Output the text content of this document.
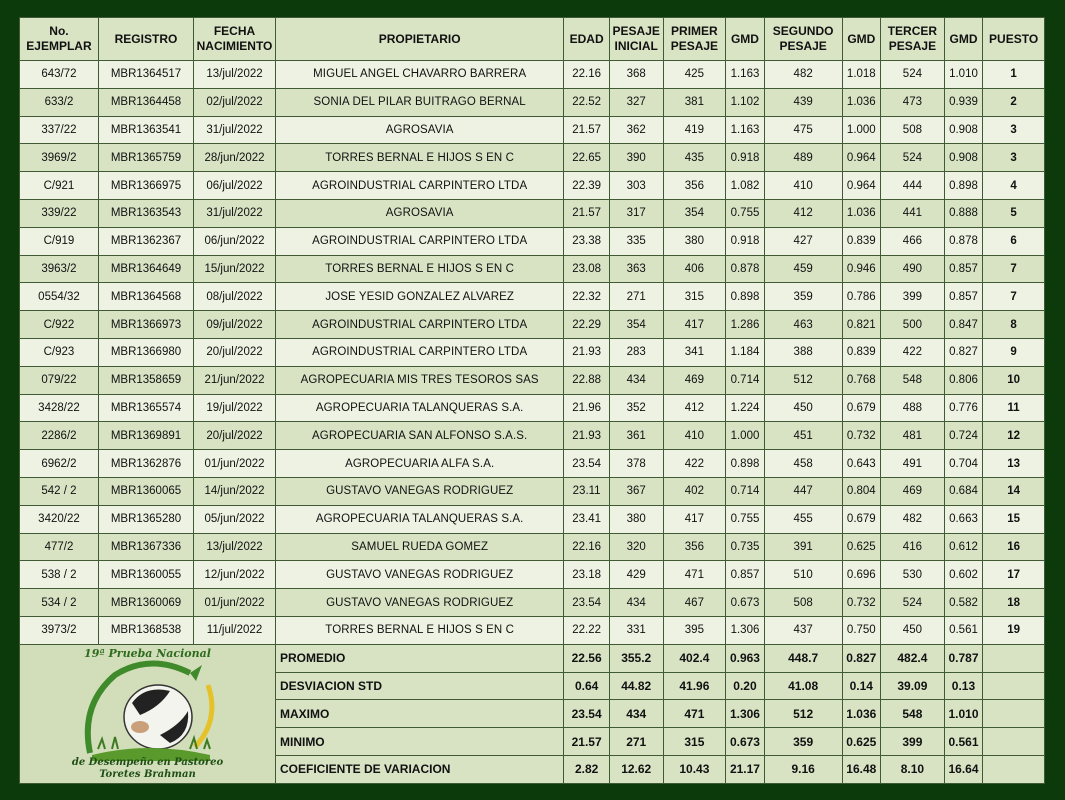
No. EJEMPLAR	REGISTRO	FECHA NACIMIENTO	PROPIETARIO	EDAD	PESAJE INICIAL	PRIMER PESAJE	GMD	SEGUNDO PESAJE	GMD	TERCER PESAJE	GMD	PUESTO
643/72	MBR1364517	13/jul/2022	MIGUEL ANGEL CHAVARRO BARRERA	22.16	368	425	1.163	482	1.018	524	1.010	1
633/2	MBR1364458	02/jul/2022	SONIA DEL PILAR BUITRAGO BERNAL	22.52	327	381	1.102	439	1.036	473	0.939	2
337/22	MBR1363541	31/jul/2022	AGROSAVIA	21.57	362	419	1.163	475	1.000	508	0.908	3
3969/2	MBR1365759	28/jun/2022	TORRES BERNAL E HIJOS S EN C	22.65	390	435	0.918	489	0.964	524	0.908	3
C/921	MBR1366975	06/jul/2022	AGROINDUSTRIAL CARPINTERO LTDA	22.39	303	356	1.082	410	0.964	444	0.898	4
339/22	MBR1363543	31/jul/2022	AGROSAVIA	21.57	317	354	0.755	412	1.036	441	0.888	5
C/919	MBR1362367	06/jun/2022	AGROINDUSTRIAL CARPINTERO LTDA	23.38	335	380	0.918	427	0.839	466	0.878	6
3963/2	MBR1364649	15/jun/2022	TORRES BERNAL E HIJOS S EN C	23.08	363	406	0.878	459	0.946	490	0.857	7
0554/32	MBR1364568	08/jul/2022	JOSE YESID GONZALEZ ALVAREZ	22.32	271	315	0.898	359	0.786	399	0.857	7
C/922	MBR1366973	09/jul/2022	AGROINDUSTRIAL CARPINTERO LTDA	22.29	354	417	1.286	463	0.821	500	0.847	8
C/923	MBR1366980	20/jul/2022	AGROINDUSTRIAL CARPINTERO LTDA	21.93	283	341	1.184	388	0.839	422	0.827	9
079/22	MBR1358659	21/jun/2022	AGROPECUARIA MIS TRES TESOROS SAS	22.88	434	469	0.714	512	0.768	548	0.806	10
3428/22	MBR1365574	19/jul/2022	AGROPECUARIA TALANQUERAS S.A.	21.96	352	412	1.224	450	0.679	488	0.776	11
2286/2	MBR1369891	20/jul/2022	AGROPECUARIA SAN ALFONSO S.A.S.	21.93	361	410	1.000	451	0.732	481	0.724	12
6962/2	MBR1362876	01/jun/2022	AGROPECUARIA ALFA S.A.	23.54	378	422	0.898	458	0.643	491	0.704	13
542 / 2	MBR1360065	14/jun/2022	GUSTAVO VANEGAS RODRIGUEZ	23.11	367	402	0.714	447	0.804	469	0.684	14
3420/22	MBR1365280	05/jun/2022	AGROPECUARIA TALANQUERAS S.A.	23.41	380	417	0.755	455	0.679	482	0.663	15
477/2	MBR1367336	13/jul/2022	SAMUEL RUEDA GOMEZ	22.16	320	356	0.735	391	0.625	416	0.612	16
538 / 2	MBR1360055	12/jun/2022	GUSTAVO VANEGAS RODRIGUEZ	23.18	429	471	0.857	510	0.696	530	0.602	17
534 / 2	MBR1360069	01/jun/2022	GUSTAVO VANEGAS RODRIGUEZ	23.54	434	467	0.673	508	0.732	524	0.582	18
3973/2	MBR1368538	11/jul/2022	TORRES BERNAL E HIJOS S EN C	22.22	331	395	1.306	437	0.750	450	0.561	19

19ª Prueba Nacional
de Desempeño en Pastoreo
Toretes Brahman			PROMEDIO	22.56	355.2	402.4	0.963	448.7	0.827	482.4	0.787	
			DESVIACION STD	0.64	44.82	41.96	0.20	41.08	0.14	39.09	0.13	
			MAXIMO	23.54	434	471	1.306	512	1.036	548	1.010	
			MINIMO	21.57	271	315	0.673	359	0.625	399	0.561	
			COEFICIENTE DE VARIACION	2.82	12.62	10.43	21.17	9.16	16.48	8.10	16.64	
